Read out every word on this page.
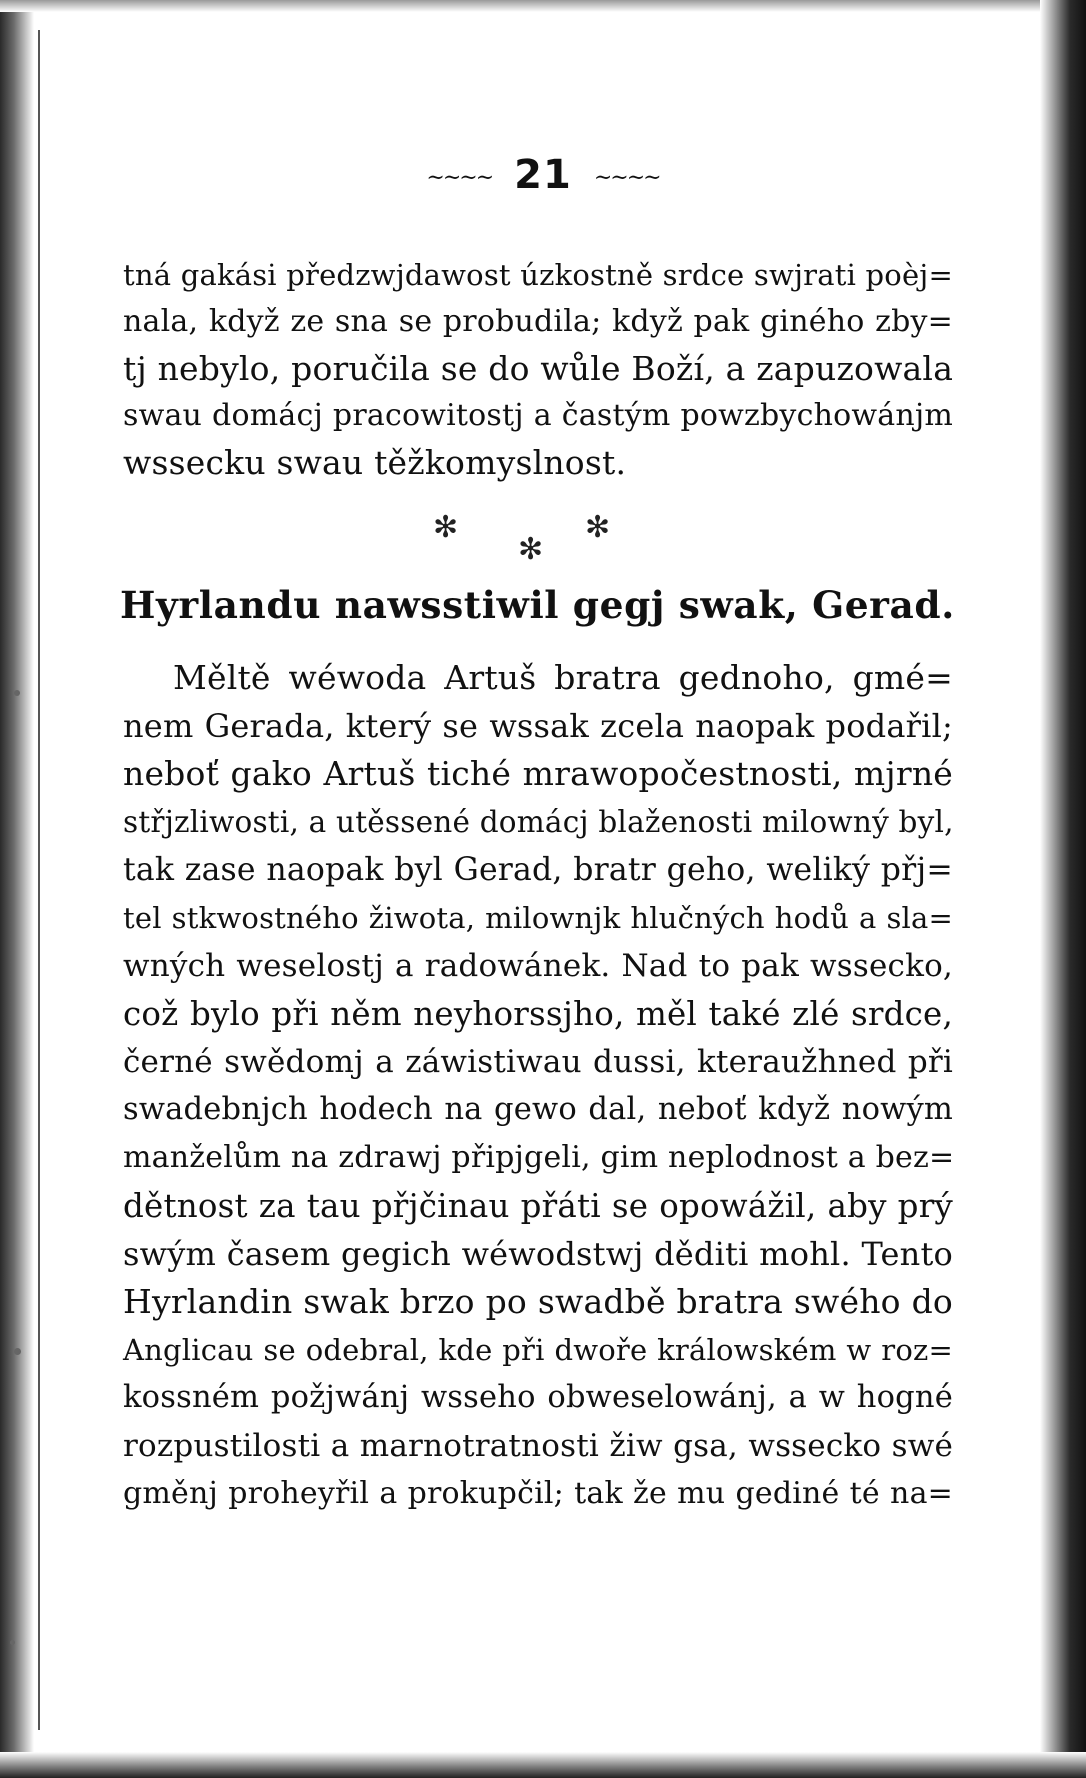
~~~~ 21 ~~~~
tná gakási předzwjdawost úzkostně srdce swjrati poèj=
nala, když ze sna se probudila; když pak giného zby=
tj nebylo, poručila se do wůle Boží, a zapuzowala
swau domácj pracowitostj a častým powzbychowánjm
wssecku swau těžkomyslnost.
✻
✻
✻
Hyrlandu nawsstiwil gegj swak, Gerad.
Měltě wéwoda Artuš bratra gednoho, gmé=
nem Gerada, který se wssak zcela naopak podařil;
neboť gako Artuš tiché mrawopočestnosti, mjrné
střjzliwosti, a utěssené domácj blaženosti milowný byl,
tak zase naopak byl Gerad, bratr geho, weliký přj=
tel stkwostného žiwota, milownjk hlučných hodů a sla=
wných weselostj a radowánek. Nad to pak wssecko,
což bylo při něm neyhorssjho, měl také zlé srdce,
černé swědomj a záwistiwau dussi, kteraužhned při
swadebnjch hodech na gewo dal, neboť když nowým
manželům na zdrawj připjgeli, gim neplodnost a bez=
dětnost za tau přjčinau přáti se opowážil, aby prý
swým časem gegich wéwodstwj děditi mohl. Tento
Hyrlandin swak brzo po swadbě bratra swého do
Anglicau se odebral, kde při dwoře králowském w roz=
kossném požjwánj wsseho obweselowánj, a w hogné
rozpustilosti a marnotratnosti žiw gsa, wssecko swé
gměnj proheyřil a prokupčil; tak že mu gediné té na=
